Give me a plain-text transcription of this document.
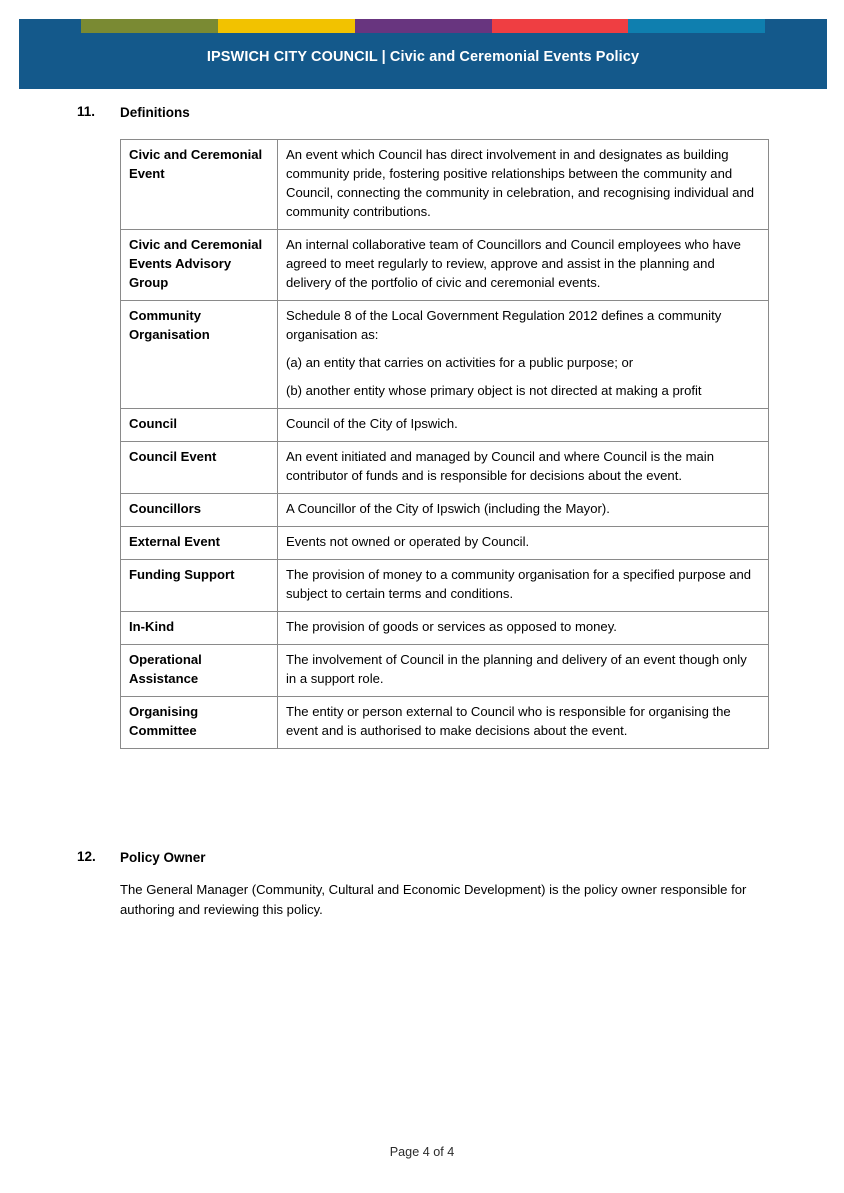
IPSWICH CITY COUNCIL | Civic and Ceremonial Events Policy
11. Definitions
Civic and Ceremonial Event	An event which Council has direct involvement in and designates as building community pride, fostering positive relationships between the community and Council, connecting the community in celebration, and recognising individual and community contributions.

Civic and Ceremonial Events Advisory Group	An internal collaborative team of Councillors and Council employees who have agreed to meet regularly to review, approve and assist in the planning and delivery of the portfolio of civic and ceremonial events.

Community Organisation	Schedule 8 of the Local Government Regulation 2012 defines a community organisation as:

(a) an entity that carries on activities for a public purpose; or

(b) another entity whose primary object is not directed at making a profit

Council	Council of the City of Ipswich.

Council Event	An event initiated and managed by Council and where Council is the main contributor of funds and is responsible for decisions about the event.

Councillors	A Councillor of the City of Ipswich (including the Mayor).

External Event	Events not owned or operated by Council.

Funding Support	The provision of money to a community organisation for a specified purpose and subject to certain terms and conditions.

In-Kind	The provision of goods or services as opposed to money.

Operational Assistance	The involvement of Council in the planning and delivery of an event though only in a support role.

Organising Committee	The entity or person external to Council who is responsible for organising the event and is authorised to make decisions about the event.

12. Policy Owner
The General Manager (Community, Cultural and Economic Development) is the policy owner responsible for authoring and reviewing this policy.
Page 4 of 4
